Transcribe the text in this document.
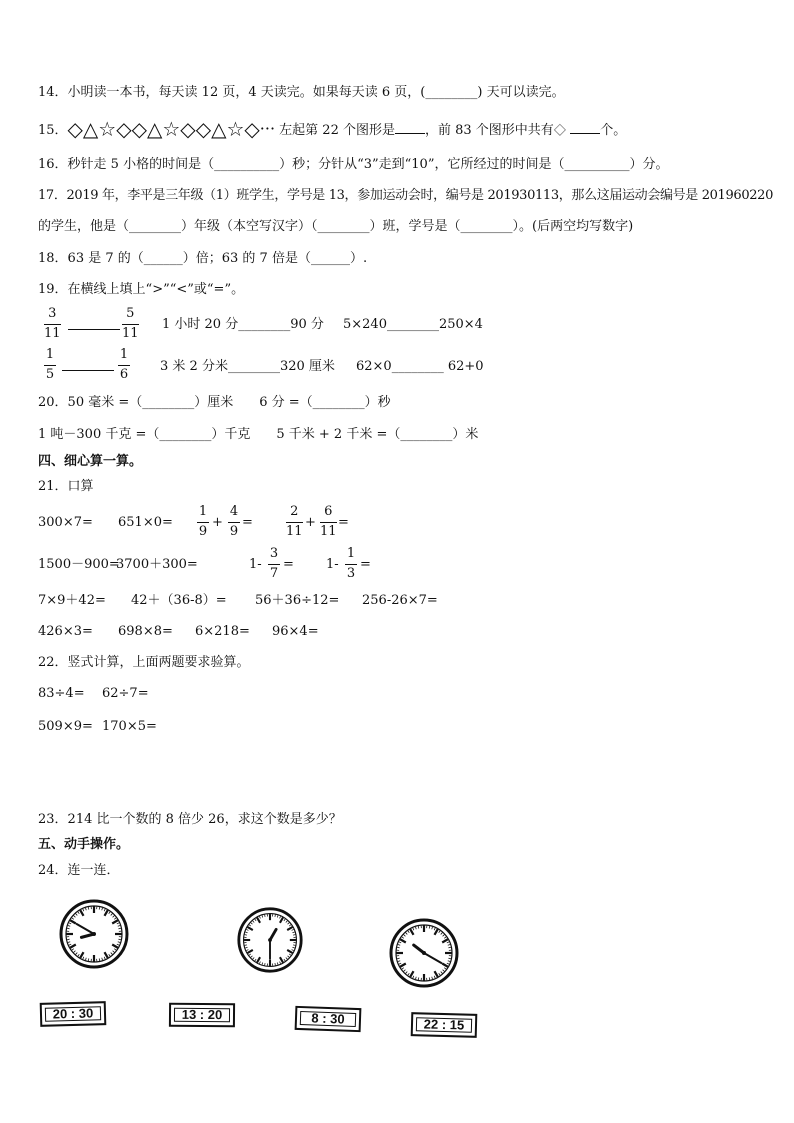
14．小明读一本书，每天读 12 页，4 天读完。如果每天读 6 页，(________) 天可以读完。
15．◇△☆◇◇△☆◇◇△☆◇··· 左起第 22 个图形是 ，前 83 个图形中共有◇	个。
16．秒针走 5 小格的时间是（__________）秒；分针从“3”走到“10”，它所经过的时间是（__________）分。
17．2019 年，李平是三年级（1）班学生，学号是 13，参加运动会时，编号是 201930113，那么这届运动会编号是 201960220
的学生，他是（________）年级（本空写汉字）（________）班，学号是（________）。(后两空均写数字)
18．63 是 7 的（______）倍；63 的 7 倍是（______）.
19．在横线上填上“>”“<”或“=”。
3
11
5
11
1 小时 20 分________90 分 5×240________250×4
1
5
1
6
3 米 2 分米________320 厘米 62×0________ 62+0
20．50 毫米 =（________）厘米　　6 分 =（________）秒
1 吨－300 千克 =（________）千克　　5 千米 + 2 千米 =（________）米
四、细心算一算。
21．口算
300×7= 651×0=
1
9
+
4
9
=
2
11
+
6
11
=
1500－900=
3700＋300=	1-
3
7
= 1-
1
3
=
7×9＋42= 42＋（36-8）= 56＋36÷12= 256-26×7=
426×3= 698×8= 6×218= 96×4=
22．竖式计算，上面两题要求验算。
83÷4= 62÷7=
509×9= 170×5=
23．214 比一个数的 8 倍少 26，求这个数是多少？
五、动手操作。
24．连一连．
20 : 30	13 : 20	8 : 30	22 : 15
